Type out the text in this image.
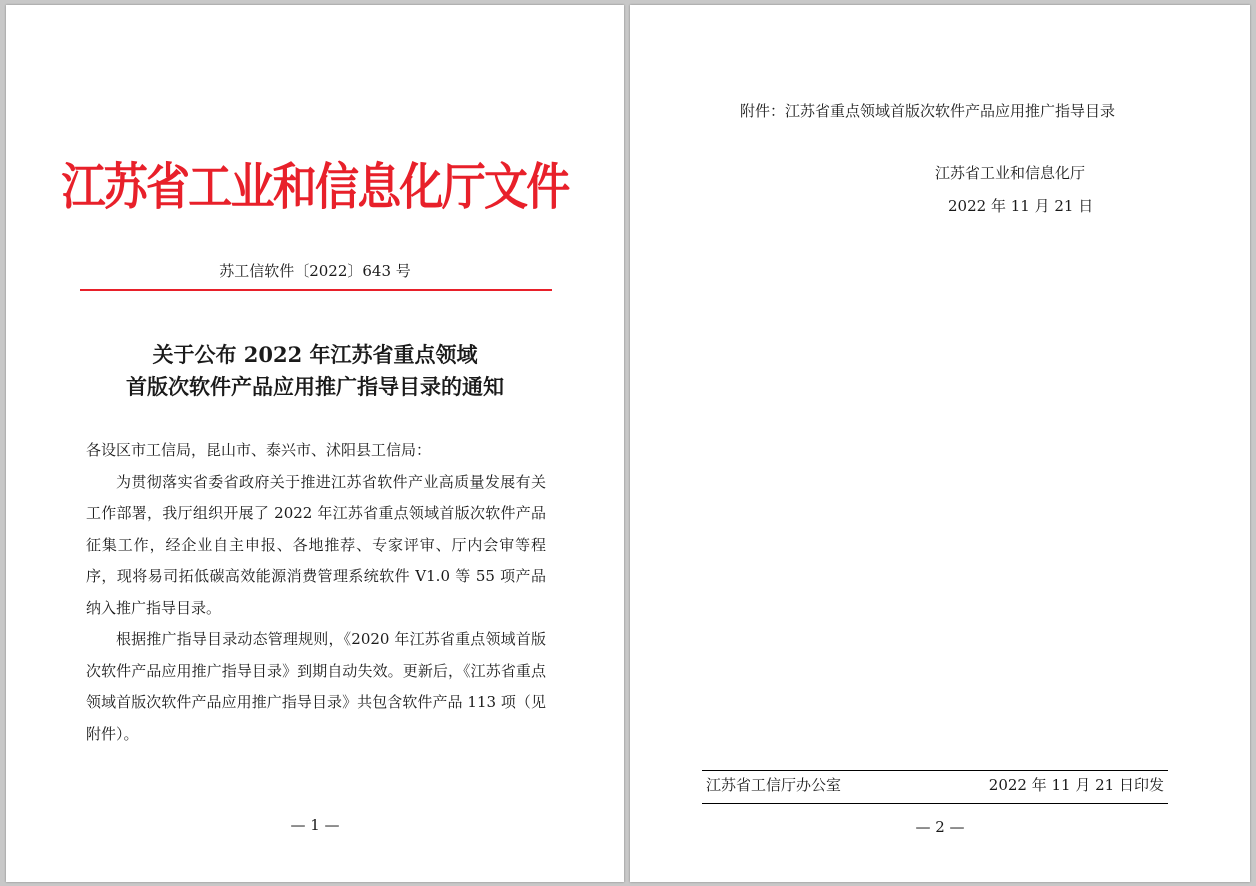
江苏省工业和信息化厅文件
苏工信软件〔2022〕643 号
关于公布 2022 年江苏省重点领域
首版次软件产品应用推广指导目录的通知

各设区市工信局，昆山市、泰兴市、沭阳县工信局：

为贯彻落实省委省政府关于推进江苏省软件产业高质量发展有关工作部署，我厅组织开展了 2022 年江苏省重点领域首版次软件产品征集工作，经企业自主申报、各地推荐、专家评审、厅内会审等程序，现将易司拓低碳高效能源消费管理系统软件 V1.0 等 55 项产品纳入推广指导目录。

根据推广指导目录动态管理规则，《2020 年江苏省重点领域首版次软件产品应用推广指导目录》到期自动失效。更新后，《江苏省重点领域首版次软件产品应用推广指导目录》共包含软件产品 113 项（见附件）。

— 1 —
附件：江苏省重点领域首版次软件产品应用推广指导目录
江苏省工业和信息化厅
2022 年 11 月 21 日
江苏省工信厅办公室	2022 年 11 月 21 日印发
— 2 —
